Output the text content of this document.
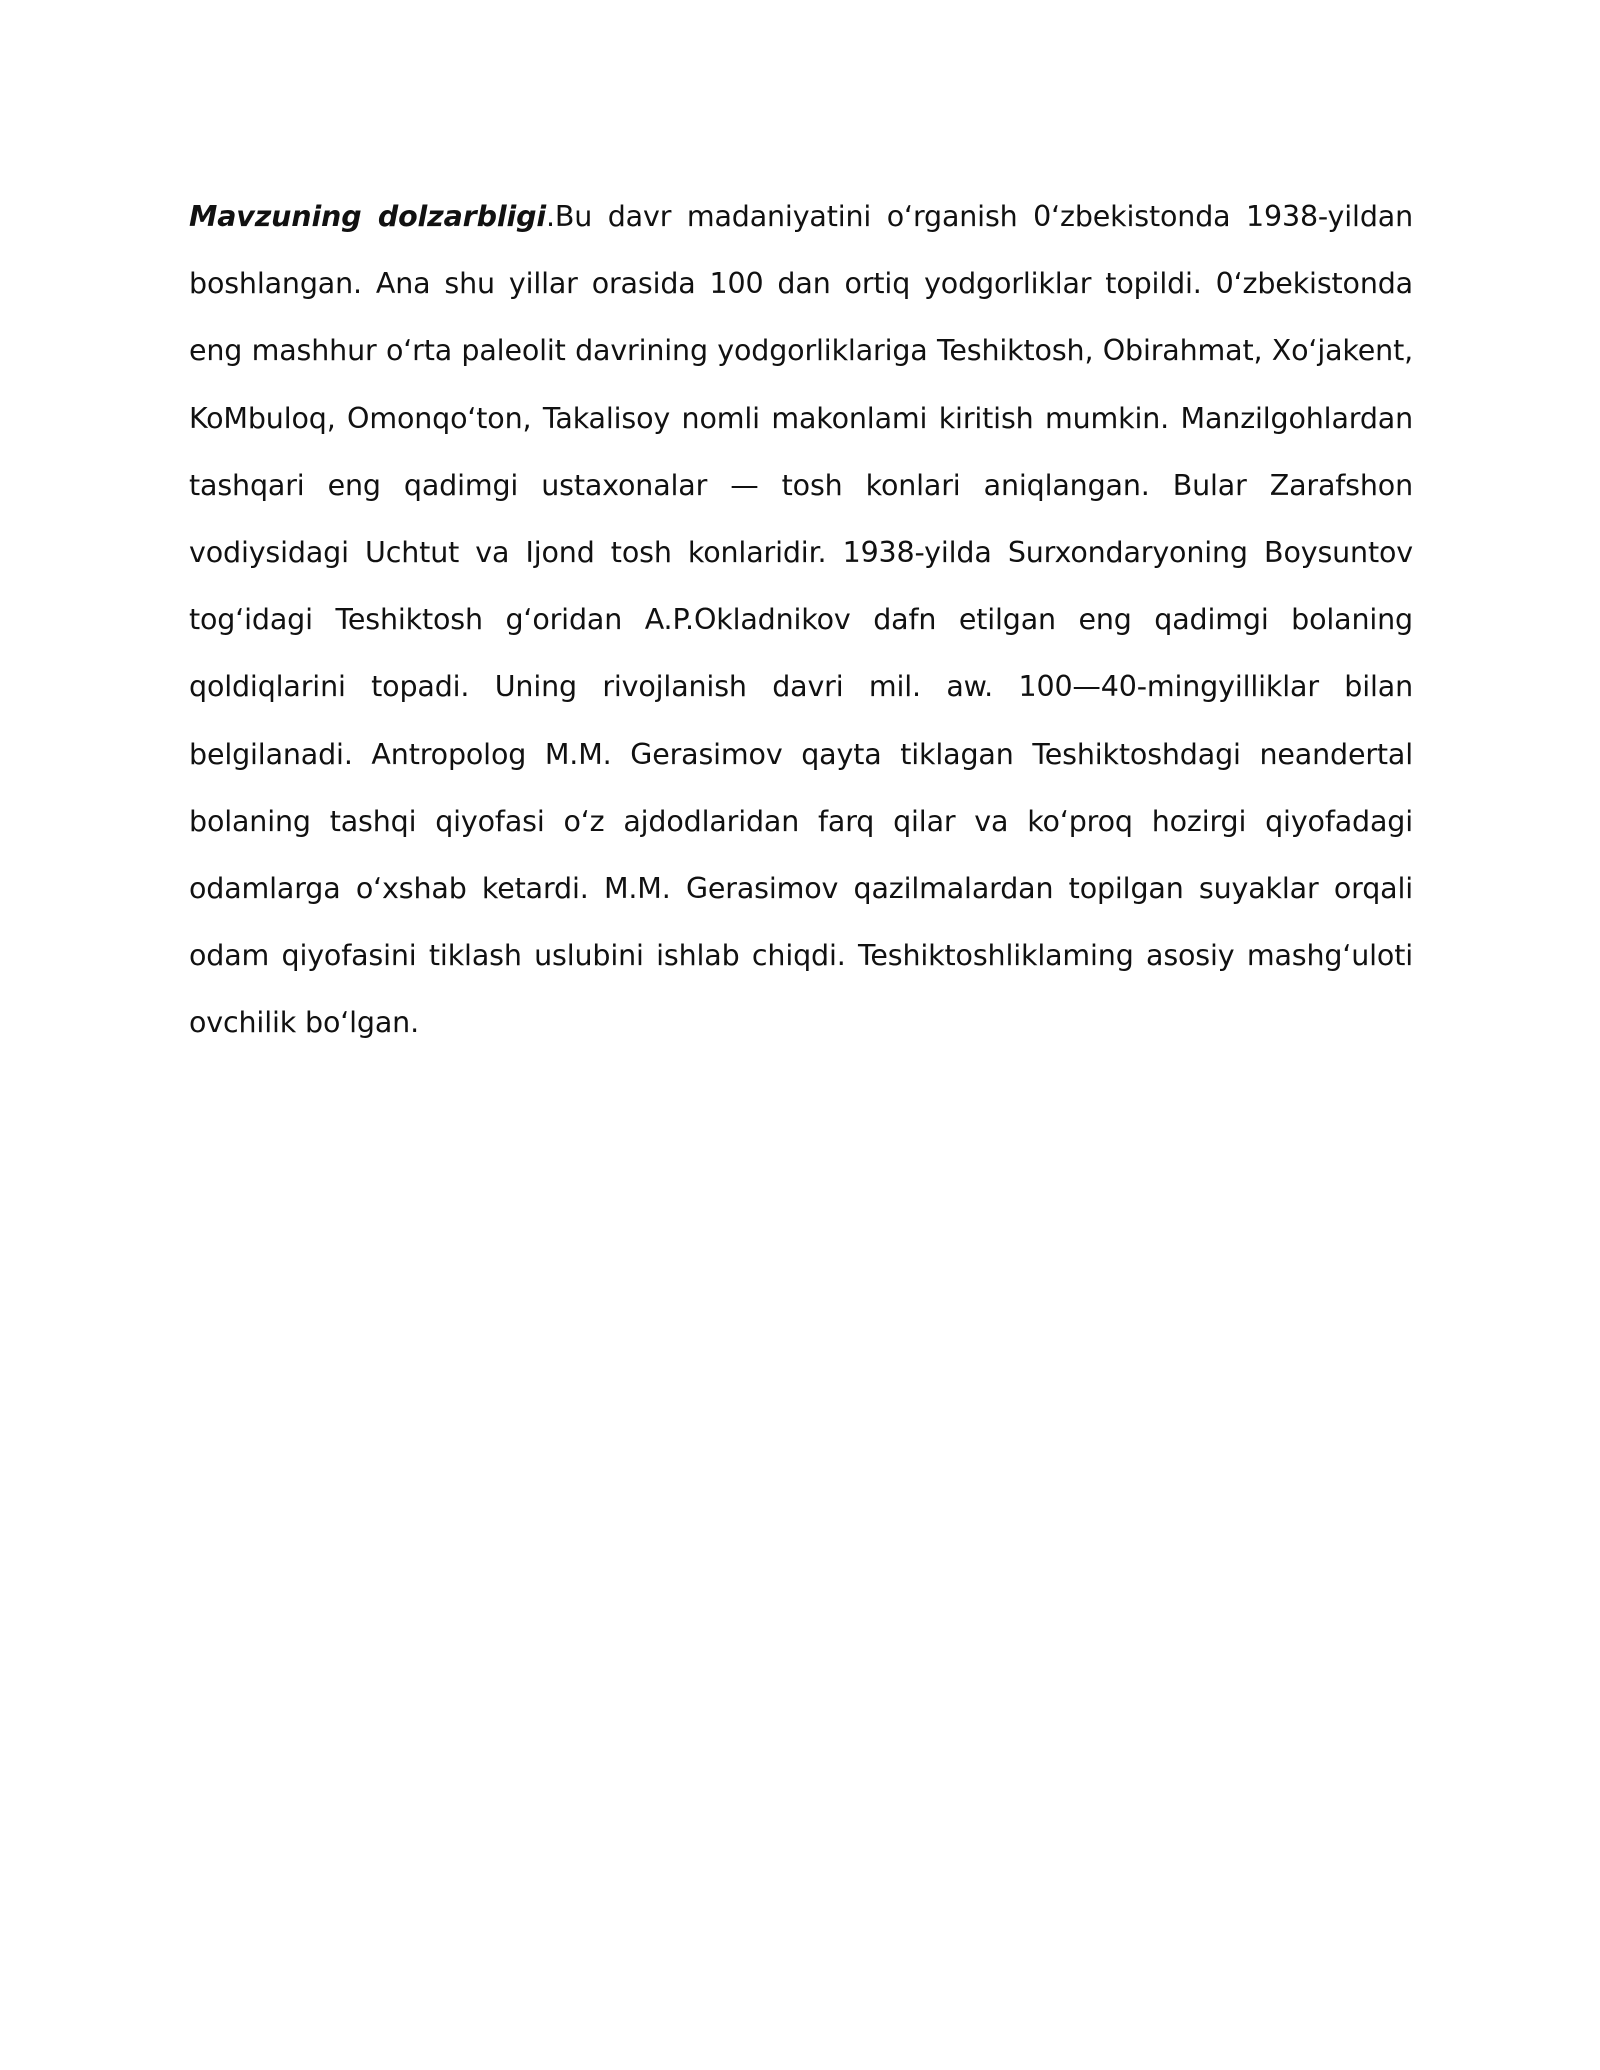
Mavzuning dolzarbligi.Bu davr madaniyatini oʻrganish 0ʻzbekistonda 1938-yildan boshlangan. Ana shu yillar orasida 100 dan ortiq yodgorliklar topildi. 0ʻzbekistonda eng mashhur oʻrta paleolit davrining yodgorliklariga Teshiktosh, Obirahmat, Xoʻjakent, KoMbuloq, Omonqoʻton, Takalisoy nomli makonlami kiritish mumkin. Manzilgohlardan tashqari eng qadimgi ustaxonalar — tosh konlari aniqlangan. Bular Zarafshon vodiysidagi Uchtut va Ijond tosh konlaridir. 1938-yilda Surxondaryoning Boysuntov togʻidagi Teshiktosh gʻoridan A.P.Okladnikov dafn etilgan eng qadimgi bolaning qoldiqlarini topadi. Uning rivojlanish davri mil. aw. 100—40-mingyilliklar bilan belgilanadi. Antropolog M.M. Gerasimov qayta tiklagan Teshiktoshdagi neandertal bolaning tashqi qiyofasi oʻz ajdodlaridan farq qilar va koʻproq hozirgi qiyofadagi odamlarga oʻxshab ketardi. M.M. Gerasimov qazilmalardan topilgan suyaklar orqali odam qiyofasini tiklash uslubini ishlab chiqdi. Teshiktoshliklaming asosiy mashgʻuloti ovchilik boʻlgan.
